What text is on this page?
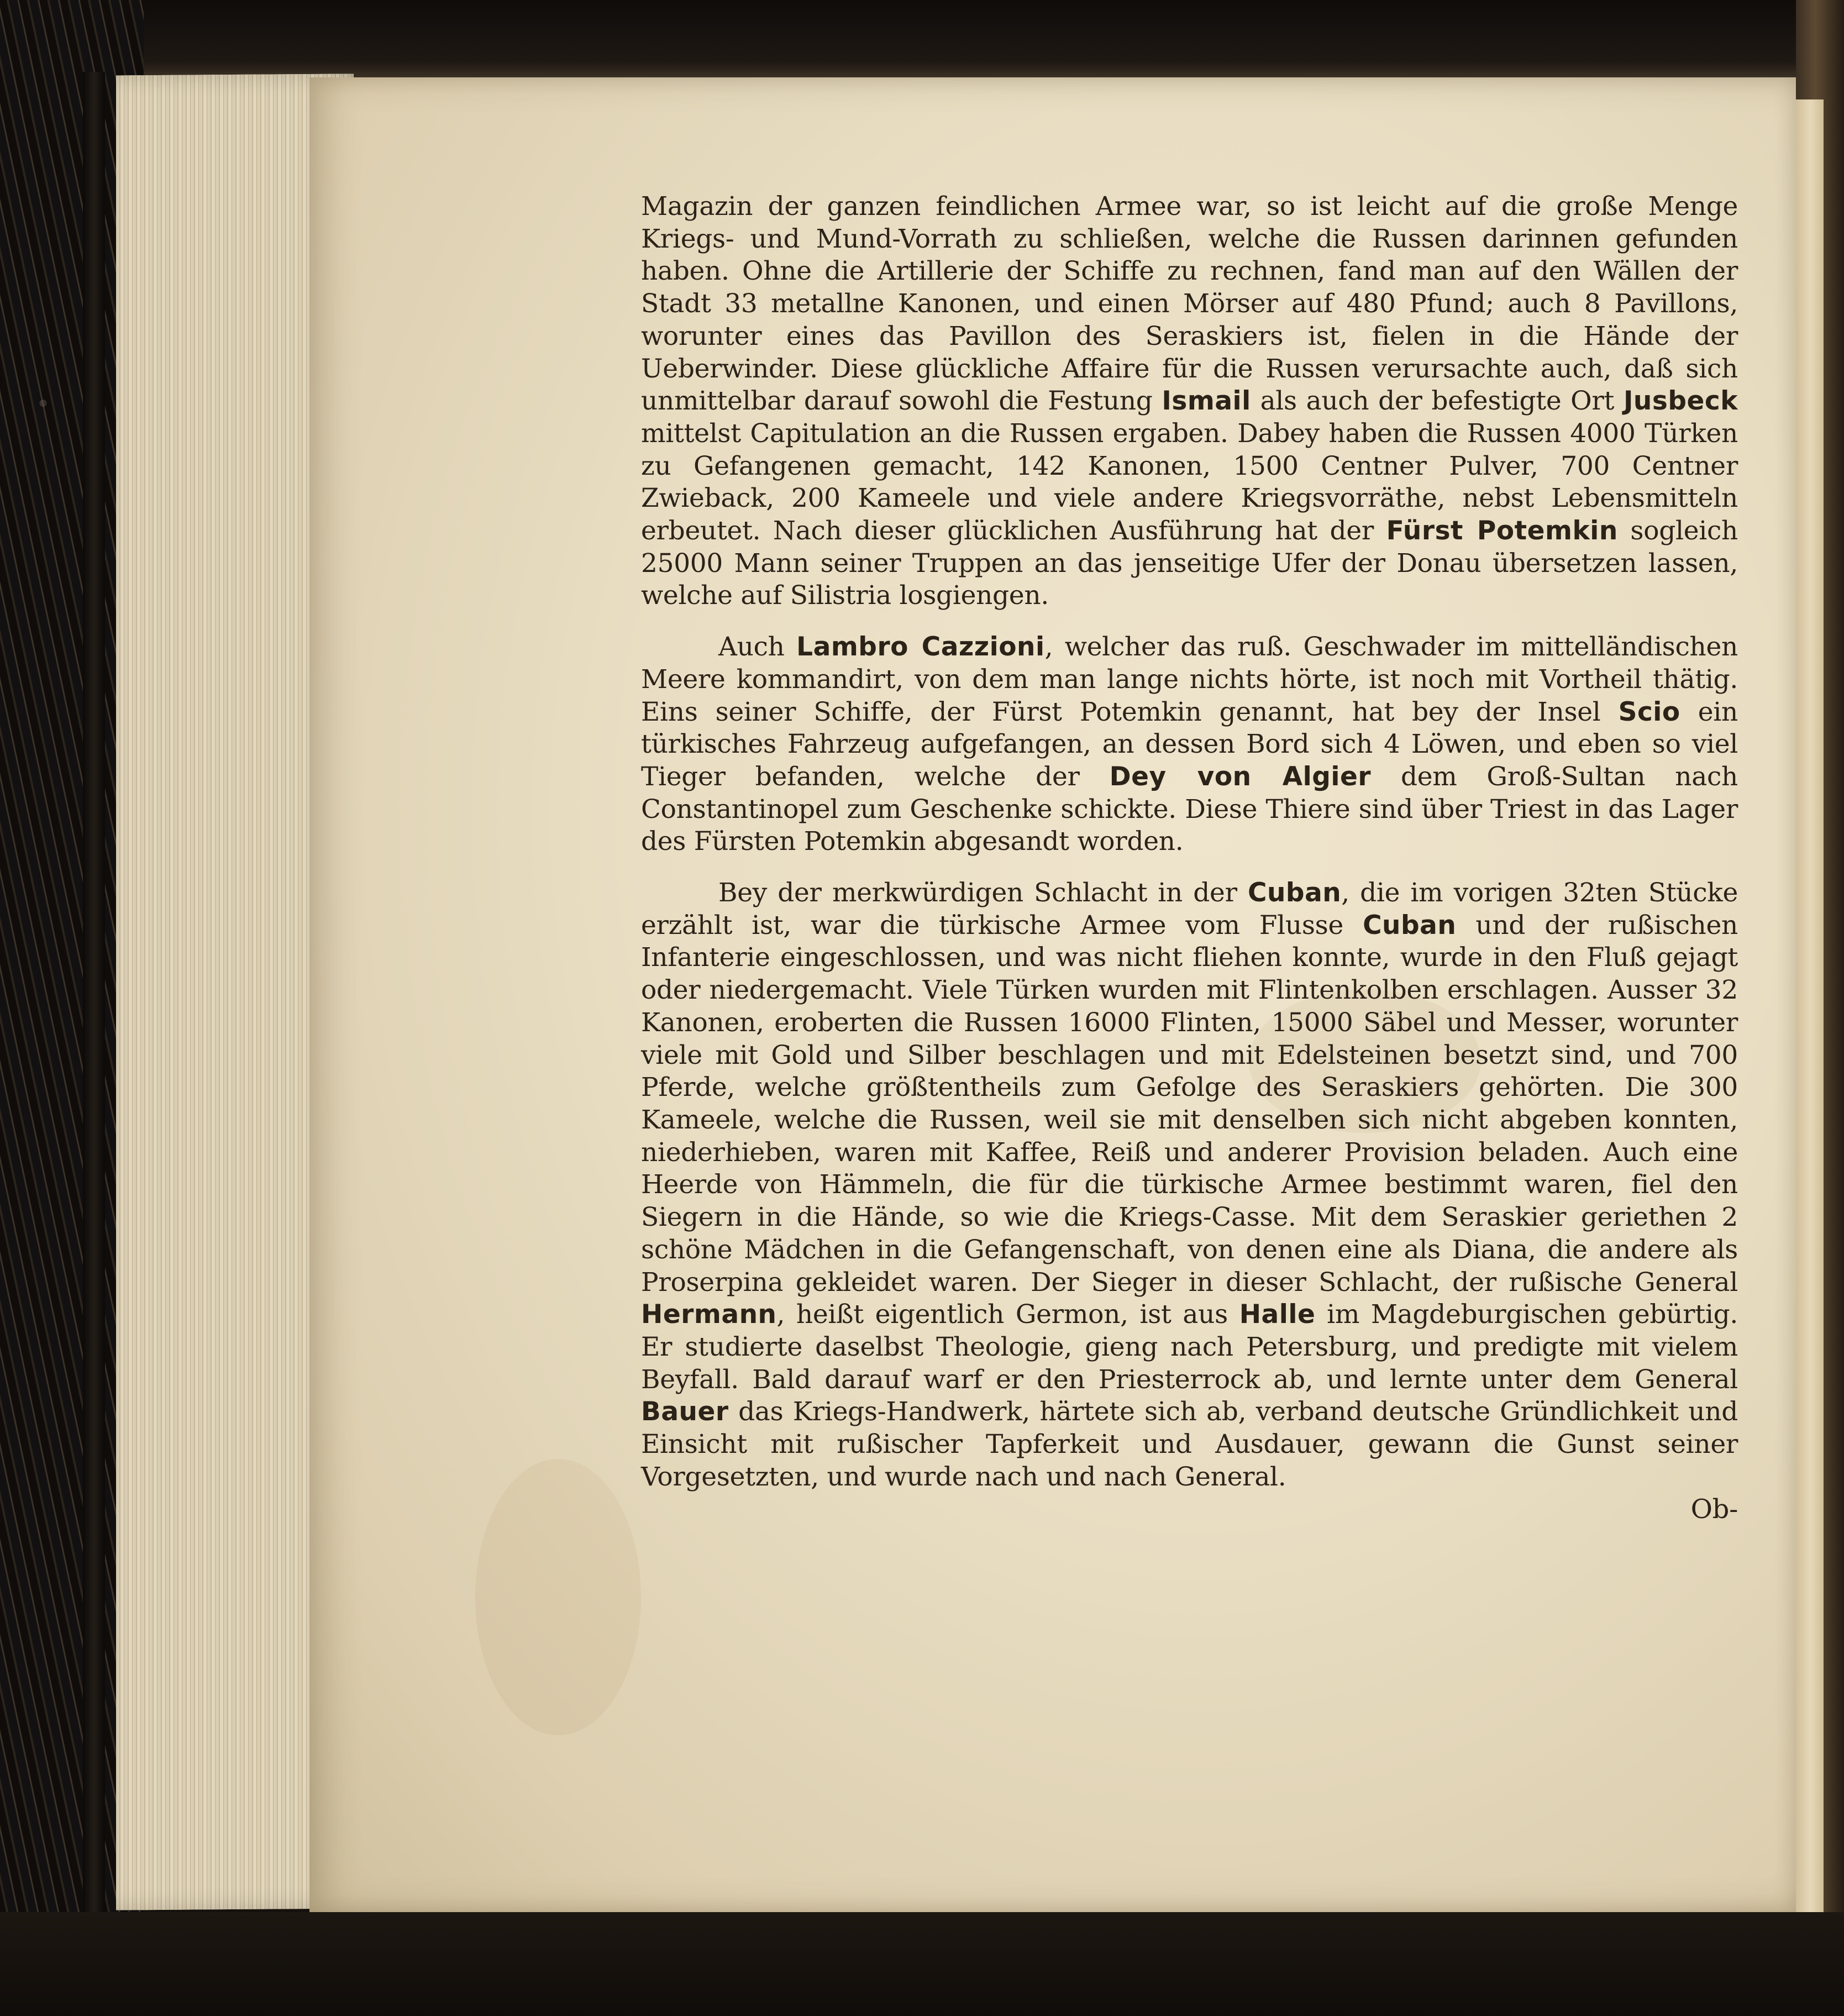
Magazin der ganzen feindlichen Armee war, so ist leicht auf die große Menge Kriegs- und Mund-Vorrath zu schließen, welche die Russen darinnen gefunden haben. Ohne die Artillerie der Schiffe zu rechnen, fand man auf den Wällen der Stadt 33 metallne Kanonen, und einen Mörser auf 480 Pfund; auch 8 Pavillons, worunter eines das Pavillon des Seraskiers ist, fielen in die Hände der Ueberwinder. Diese glückliche Affaire für die Russen verursachte auch, daß sich unmittelbar darauf sowohl die Festung Ismail als auch der befestigte Ort Jusbeck mittelst Capitulation an die Russen ergaben. Dabey haben die Russen 4000 Türken zu Gefangenen gemacht, 142 Kanonen, 1500 Centner Pulver, 700 Centner Zwieback, 200 Kameele und viele andere Kriegsvorräthe, nebst Lebensmitteln erbeutet. Nach dieser glücklichen Ausführung hat der Fürst Potemkin sogleich 25000 Mann seiner Truppen an das jenseitige Ufer der Donau übersetzen lassen, welche auf Silistria losgiengen.

Auch Lambro Cazzioni, welcher das ruß. Geschwader im mittelländischen Meere kommandirt, von dem man lange nichts hörte, ist noch mit Vortheil thätig. Eins seiner Schiffe, der Fürst Potemkin genannt, hat bey der Insel Scio ein türkisches Fahrzeug aufgefangen, an dessen Bord sich 4 Löwen, und eben so viel Tieger befanden, welche der Dey von Algier dem Groß-Sultan nach Constantinopel zum Geschenke schickte. Diese Thiere sind über Triest in das Lager des Fürsten Potemkin abgesandt worden.

Bey der merkwürdigen Schlacht in der Cuban, die im vorigen 32ten Stücke erzählt ist, war die türkische Armee vom Flusse Cuban und der rußischen Infanterie eingeschlossen, und was nicht fliehen konnte, wurde in den Fluß gejagt oder niedergemacht. Viele Türken wurden mit Flintenkolben erschlagen. Ausser 32 Kanonen, eroberten die Russen 16000 Flinten, 15000 Säbel und Messer, worunter viele mit Gold und Silber beschlagen und mit Edelsteinen besetzt sind, und 700 Pferde, welche größtentheils zum Gefolge des Seraskiers gehörten. Die 300 Kameele, welche die Russen, weil sie mit denselben sich nicht abgeben konnten, niederhieben, waren mit Kaffee, Reiß und anderer Provision beladen. Auch eine Heerde von Hämmeln, die für die türkische Armee bestimmt waren, fiel den Siegern in die Hände, so wie die Kriegs-Casse. Mit dem Seraskier geriethen 2 schöne Mädchen in die Gefangenschaft, von denen eine als Diana, die andere als Proserpina gekleidet waren. Der Sieger in dieser Schlacht, der rußische General Hermann, heißt eigentlich Germon, ist aus Halle im Magdeburgischen gebürtig. Er studierte daselbst Theologie, gieng nach Petersburg, und predigte mit vielem Beyfall. Bald darauf warf er den Priesterrock ab, und lernte unter dem General Bauer das Kriegs-Handwerk, härtete sich ab, verband deutsche Gründlichkeit und Einsicht mit rußischer Tapferkeit und Ausdauer, gewann die Gunst seiner Vorgesetzten, und wurde nach und nach General.

Ob-
